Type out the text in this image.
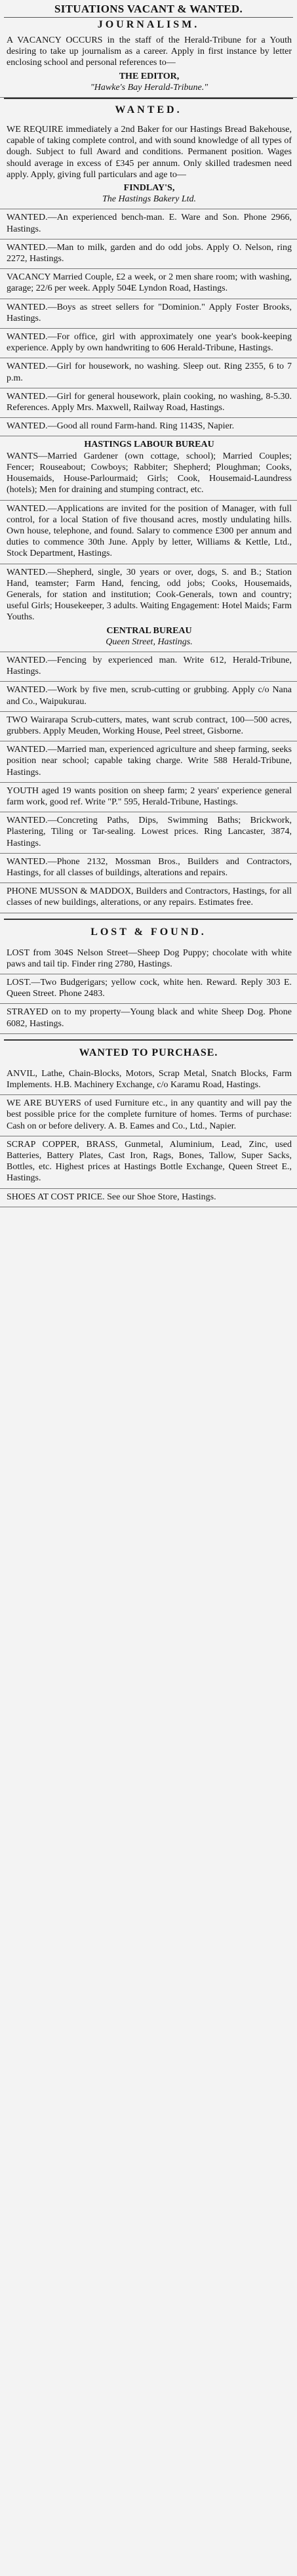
SITUATIONS VACANT & WANTED.
JOURNALISM.
A VACANCY OCCURS in the staff of the Herald-Tribune for a Youth desiring to take up journalism as a career. Apply in first instance by letter enclosing school and personal references to—
THE EDITOR,
"Hawke's Bay Herald-Tribune."
WANTED.
WE REQUIRE immediately a 2nd Baker for our Hastings Bread Bakehouse, capable of taking complete control, and with sound knowledge of all types of dough. Subject to full Award and conditions. Permanent position. Wages should average in excess of £345 per annum. Only skilled tradesmen need apply. Apply, giving full particulars and age to—
FINDLAY'S,
The Hastings Bakery Ltd.
WANTED.—An experienced bench-man. E. Ware and Son. Phone 2966, Hastings.
WANTED.—Man to milk, garden and do odd jobs. Apply O. Nelson, ring 2272, Hastings.
VACANCY Married Couple, £2 a week, or 2 men share room; with washing, garage; 22/6 per week. Apply 504E Lyndon Road, Hastings.
WANTED.—Boys as street sellers for "Dominion." Apply Foster Brooks, Hastings.
WANTED.—For office, girl with approximately one year's book-keeping experience. Apply by own handwriting to 606 Herald-Tribune, Hastings.
WANTED.—Girl for housework, no washing. Sleep out. Ring 2355, 6 to 7 p.m.
WANTED.—Girl for general housework, plain cooking, no washing, 8-5.30. References. Apply Mrs. Maxwell, Railway Road, Hastings.
WANTED.—Good all round Farm-hand. Ring 1143S, Napier.
HASTINGS LABOUR BUREAU
WANTS—Married Gardener (own cottage, school); Married Couples; Fencer; Rouseabout; Cowboys; Rabbiter; Shepherd; Ploughman; Cooks, Housemaids, House-Parlourmaid; Girls; Cook, Housemaid-Laundress (hotels); Men for draining and stumping contract, etc.
WANTED.—Applications are invited for the position of Manager, with full control, for a local Station of five thousand acres, mostly undulating hills. Own house, telephone, and found. Salary to commence £300 per annum and duties to commence 30th June. Apply by letter, Williams & Kettle, Ltd., Stock Department, Hastings.
WANTED.—Shepherd, single, 30 years or over, dogs, S. and B.; Station Hand, teamster; Farm Hand, fencing, odd jobs; Cooks, Housemaids, Generals, for station and institution; Cook-Generals, town and country; useful Girls; Housekeeper, 3 adults. Waiting Engagement: Hotel Maids; Farm Youths.
CENTRAL BUREAU
Queen Street, Hastings.
WANTED.—Fencing by experienced man. Write 612, Herald-Tribune, Hastings.
WANTED.—Work by five men, scrub-cutting or grubbing. Apply c/o Nana and Co., Waipukurau.
TWO Wairarapa Scrub-cutters, mates, want scrub contract, 100—500 acres, grubbers. Apply Meuden, Working House, Peel street, Gisborne.
WANTED.—Married man, experienced agriculture and sheep farming, seeks position near school; capable taking charge. Write 588 Herald-Tribune, Hastings.
YOUTH aged 19 wants position on sheep farm; 2 years' experience general farm work, good ref. Write "P." 595, Herald-Tribune, Hastings.
WANTED.—Concreting Paths, Dips, Swimming Baths; Brickwork, Plastering, Tiling or Tar-sealing. Lowest prices. Ring Lancaster, 3874, Hastings.
WANTED.—Phone 2132, Mossman Bros., Builders and Contractors, Hastings, for all classes of buildings, alterations and repairs.
PHONE MUSSON & MADDOX, Builders and Contractors, Hastings, for all classes of new buildings, alterations, or any repairs. Estimates free.
LOST & FOUND.
LOST from 304S Nelson Street—Sheep Dog Puppy; chocolate with white paws and tail tip. Finder ring 2780, Hastings.
LOST.—Two Budgerigars; yellow cock, white hen. Reward. Reply 303 E. Queen Street. Phone 2483.
STRAYED on to my property—Young black and white Sheep Dog. Phone 6082, Hastings.
WANTED TO PURCHASE.
ANVIL, Lathe, Chain-Blocks, Motors, Scrap Metal, Snatch Blocks, Farm Implements. H.B. Machinery Exchange, c/o Karamu Road, Hastings.
WE ARE BUYERS of used Furniture etc., in any quantity and will pay the best possible price for the complete furniture of homes. Terms of purchase: Cash on or before delivery. A. B. Eames and Co., Ltd., Napier.
SCRAP COPPER, BRASS, Gunmetal, Aluminium, Lead, Zinc, used Batteries, Battery Plates, Cast Iron, Rags, Bones, Tallow, Super Sacks, Bottles, etc. Highest prices at Hastings Bottle Exchange, Queen Street E., Hastings.
SHOES AT COST PRICE. See our Shoe Store, Hastings.
